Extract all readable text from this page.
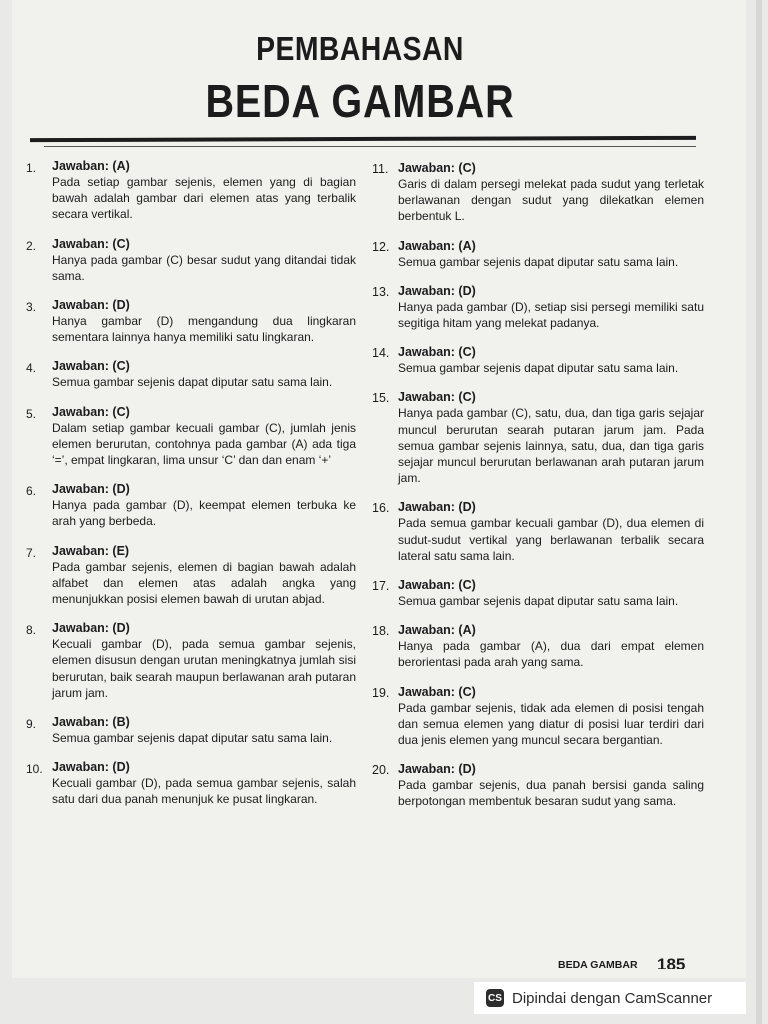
PEMBAHASAN
BEDA GAMBAR
1.	Jawaban: (A)
Pada setiap gambar sejenis, elemen yang di bagian bawah adalah gambar dari elemen atas yang terbalik secara vertikal.
2.	Jawaban: (C)
Hanya pada gambar (C) besar sudut yang ditandai tidak sama.
3.	Jawaban: (D)
Hanya gambar (D) mengandung dua lingkaran sementara lainnya hanya memiliki satu lingkaran.
4.	Jawaban: (C)
Semua gambar sejenis dapat diputar satu sama lain.
5.	Jawaban: (C)
Dalam setiap gambar kecuali gambar (C), jumlah jenis elemen berurutan, contohnya pada gambar (A) ada tiga ‘=’, empat lingkaran, lima unsur ‘C’ dan dan enam ‘+’
6.	Jawaban: (D)
Hanya pada gambar (D), keempat elemen terbuka ke arah yang berbeda.
7.	Jawaban: (E)
Pada gambar sejenis, elemen di bagian bawah adalah alfabet dan elemen atas adalah angka yang menunjukkan posisi elemen bawah di urutan abjad.
8.	Jawaban: (D)
Kecuali gambar (D), pada semua gambar sejenis, elemen disusun dengan urutan meningkatnya jumlah sisi berurutan, baik searah maupun berlawanan arah putaran jarum jam.
9.	Jawaban: (B)
Semua gambar sejenis dapat diputar satu sama lain.
10. Jawaban: (D)
Kecuali gambar (D), pada semua gambar sejenis, salah satu dari dua panah menunjuk ke pusat lingkaran.
11. Jawaban: (C)
Garis di dalam persegi melekat pada sudut yang terletak berlawanan dengan sudut yang dilekatkan elemen berbentuk L.
12. Jawaban: (A)
Semua gambar sejenis dapat diputar satu sama lain.
13. Jawaban: (D)
Hanya pada gambar (D), setiap sisi persegi memiliki satu segitiga hitam yang melekat padanya.
14. Jawaban: (C)
Semua gambar sejenis dapat diputar satu sama lain.
15. Jawaban: (C)
Hanya pada gambar (C), satu, dua, dan tiga garis sejajar muncul berurutan searah putaran jarum jam. Pada semua gambar sejenis lainnya, satu, dua, dan tiga garis sejajar muncul berurutan berlawanan arah putaran jarum jam.
16. Jawaban: (D)
Pada semua gambar kecuali gambar (D), dua elemen di sudut-sudut vertikal yang berlawanan terbalik secara lateral satu sama lain.
17. Jawaban: (C)
Semua gambar sejenis dapat diputar satu sama lain.
18. Jawaban: (A)
Hanya pada gambar (A), dua dari empat elemen berorientasi pada arah yang sama.
19. Jawaban: (C)
Pada gambar sejenis, tidak ada elemen di posisi tengah dan semua elemen yang diatur di posisi luar terdiri dari dua jenis elemen yang muncul secara bergantian.
20. Jawaban: (D)
Pada gambar sejenis, dua panah bersisi ganda saling berpotongan membentuk besaran sudut yang sama.
BEDA GAMBAR 185
CS Dipindai dengan CamScanner
